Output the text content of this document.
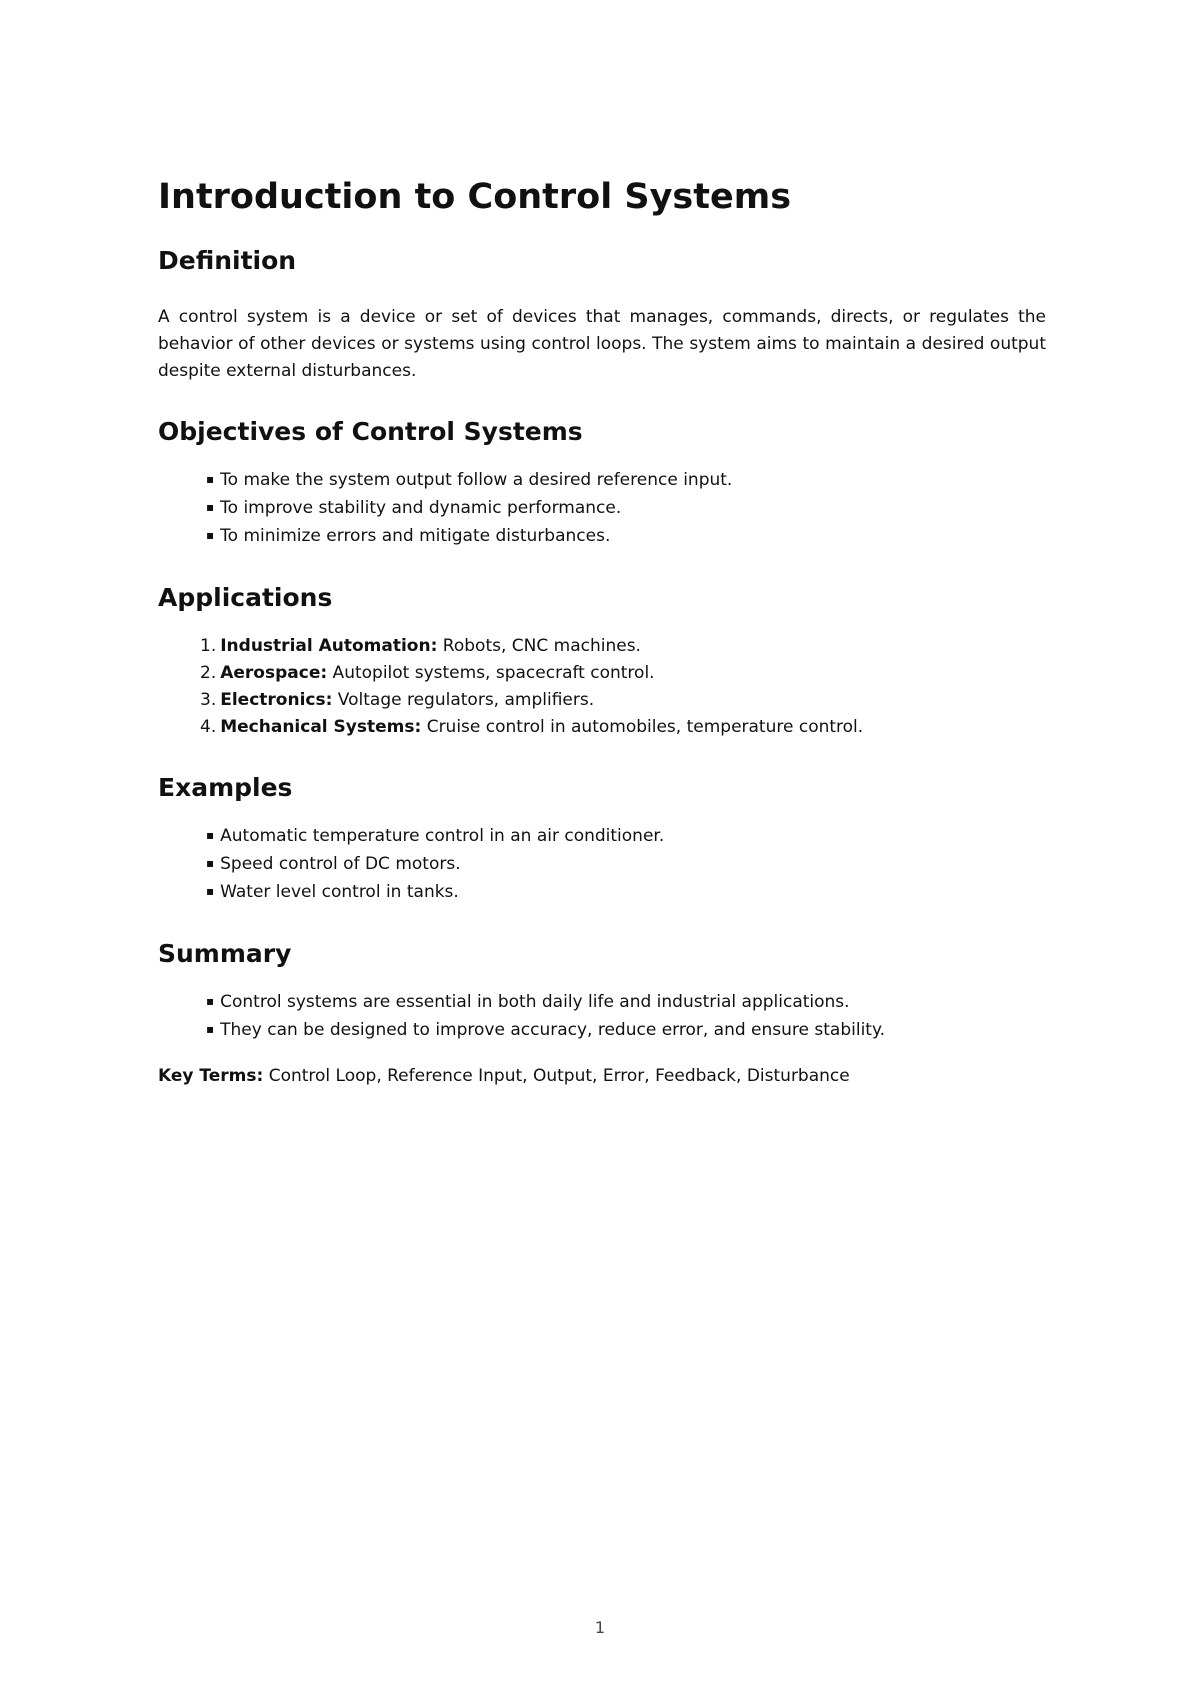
Introduction to Control Systems
Definition

A control system is a device or set of devices that manages, commands, directs, or regulates the behavior of other devices or systems using control loops. The system aims to maintain a desired output despite external disturbances.

Objectives of Control Systems
▪ To make the system output follow a desired reference input.
▪ To improve stability and dynamic performance.
▪ To minimize errors and mitigate disturbances.
Applications
1. Industrial Automation: Robots, CNC machines.
2. Aerospace: Autopilot systems, spacecraft control.
3. Electronics: Voltage regulators, amplifiers.
4. Mechanical Systems: Cruise control in automobiles, temperature control.
Examples
▪ Automatic temperature control in an air conditioner.
▪ Speed control of DC motors.
▪ Water level control in tanks.
Summary
▪ Control systems are essential in both daily life and industrial applications.
▪ They can be designed to improve accuracy, reduce error, and ensure stability.

Key Terms: Control Loop, Reference Input, Output, Error, Feedback, Disturbance

1
